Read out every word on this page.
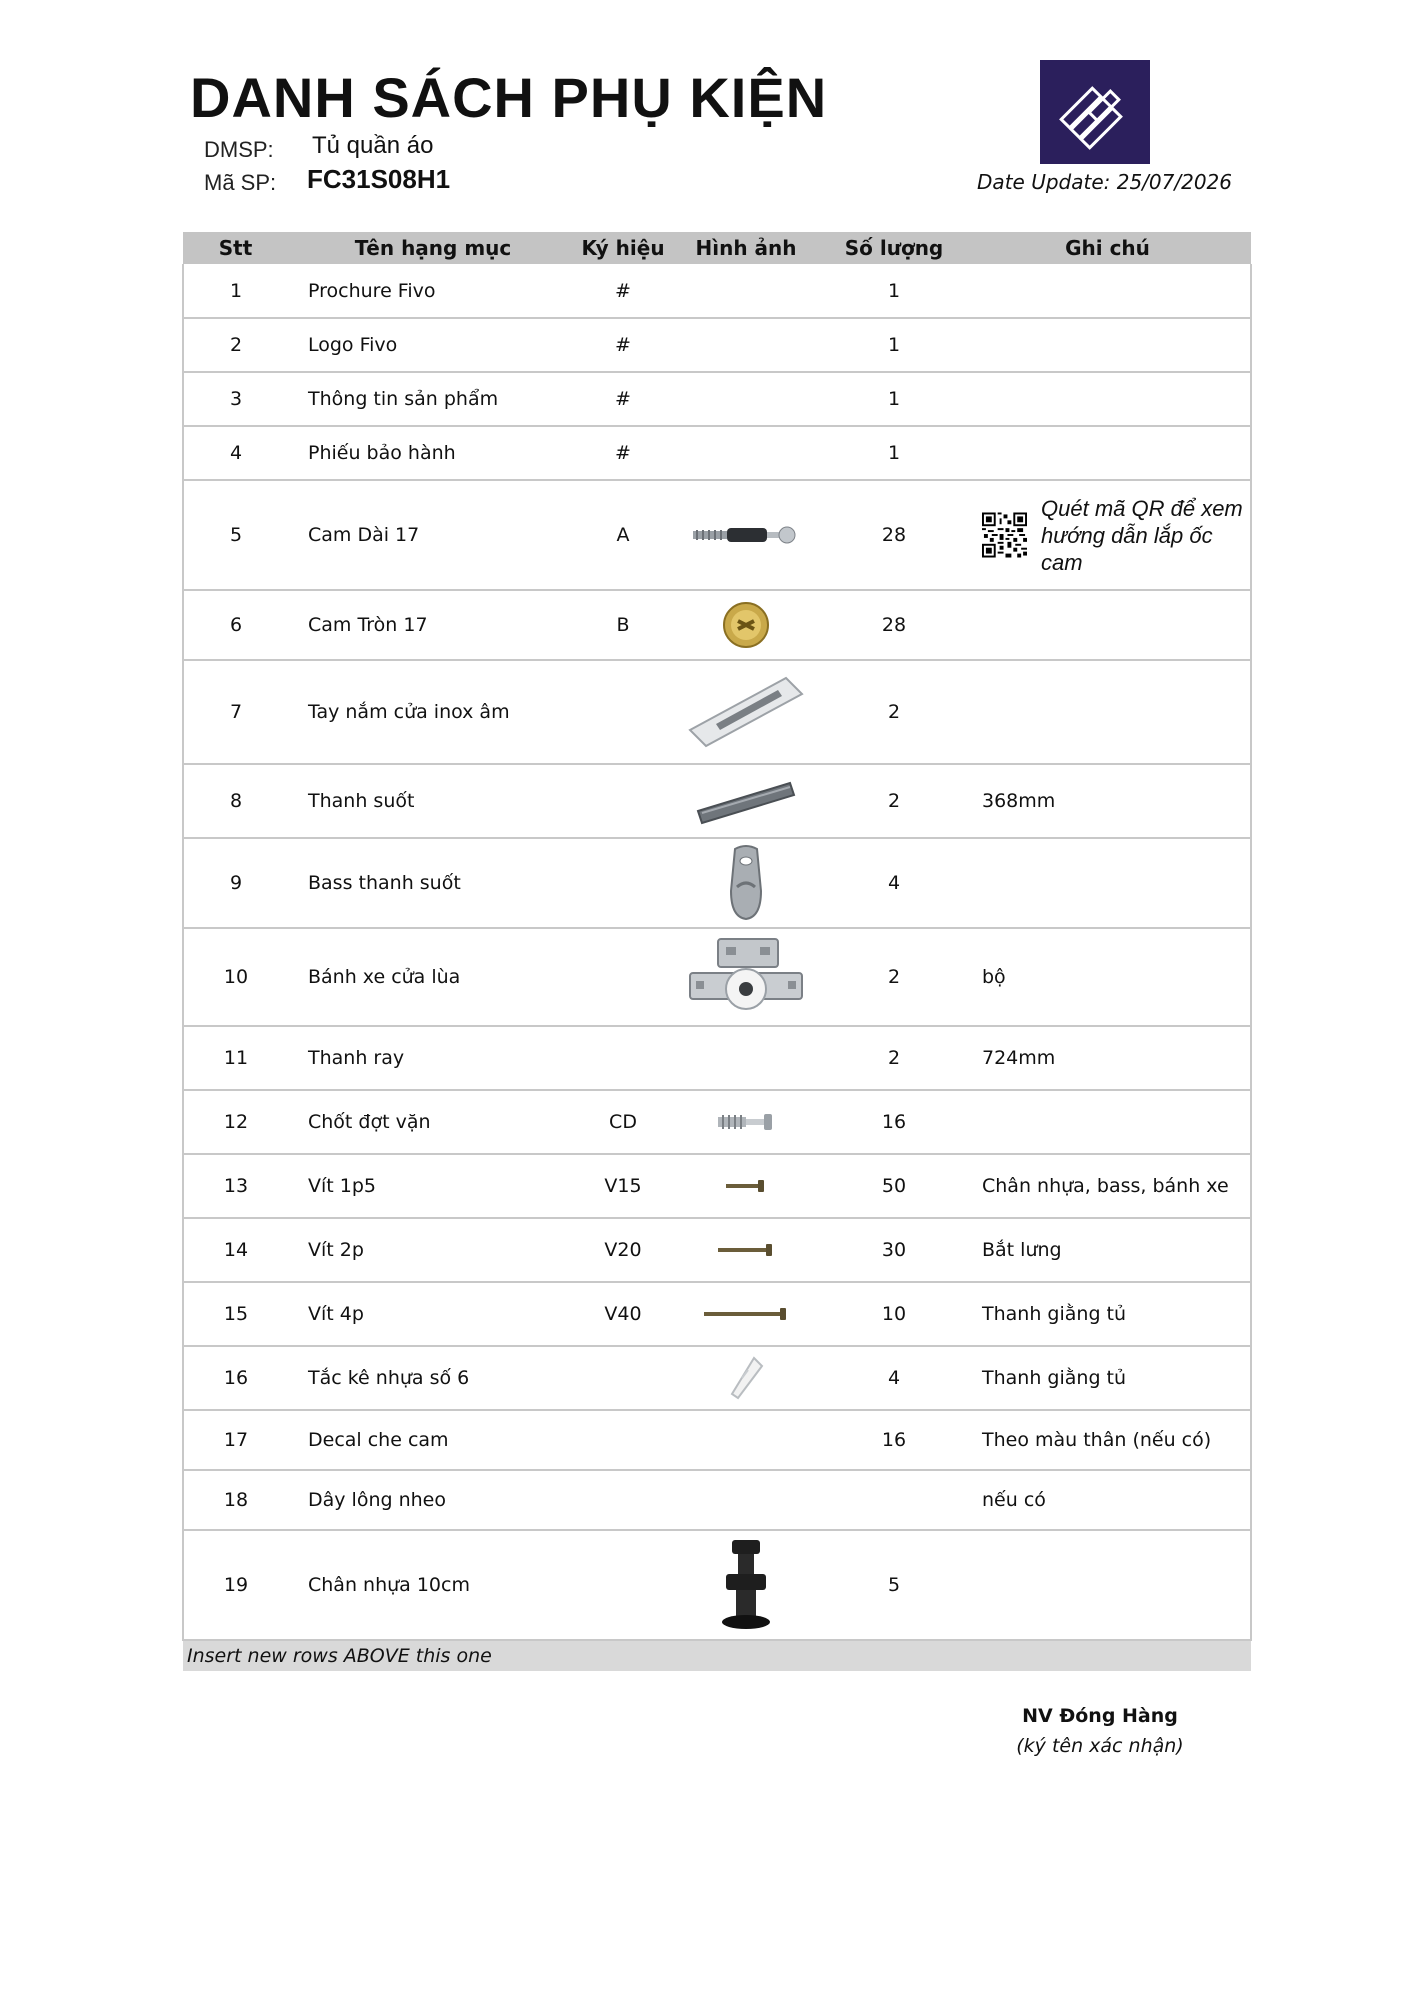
DANH SÁCH PHỤ KIỆN
DMSP: Tủ quần áo
Mã SP: FC31S08H1	Date Update: 25/07/2026
Stt	Tên hạng mục	Ký hiệu	Hình ảnh	Số lượng	Ghi chú
1	Prochure Fivo	#		1	
2	Logo Fivo	#		1	
3	Thông tin sản phẩm	#		1	
4	Phiếu bảo hành	#		1	
5	Cam Dài 17	A		28	Quét mã QR để xem hướng dẫn lắp ốc cam

6	Cam Tròn 17	B		28	
7	Tay nắm cửa inox âm			2	
8	Thanh suốt			2	368mm
9	Bass thanh suốt			4	
10	Bánh xe cửa lùa			2	bộ
11	Thanh ray			2	724mm
12	Chốt đợt vặn	CD		16	
13	Vít 1p5	V15		50	Chân nhựa, bass, bánh xe
14	Vít 2p	V20		30	Bắt lưng
15	Vít 4p	V40		10	Thanh giằng tủ
16	Tắc kê nhựa số 6			4	Thanh giằng tủ
17	Decal che cam			16	Theo màu thân (nếu có)
18	Dây lông nheo				nếu có
19	Chân nhựa 10cm			5	
Insert new rows ABOVE this one					
NV Đóng Hàng
(ký tên xác nhận)
